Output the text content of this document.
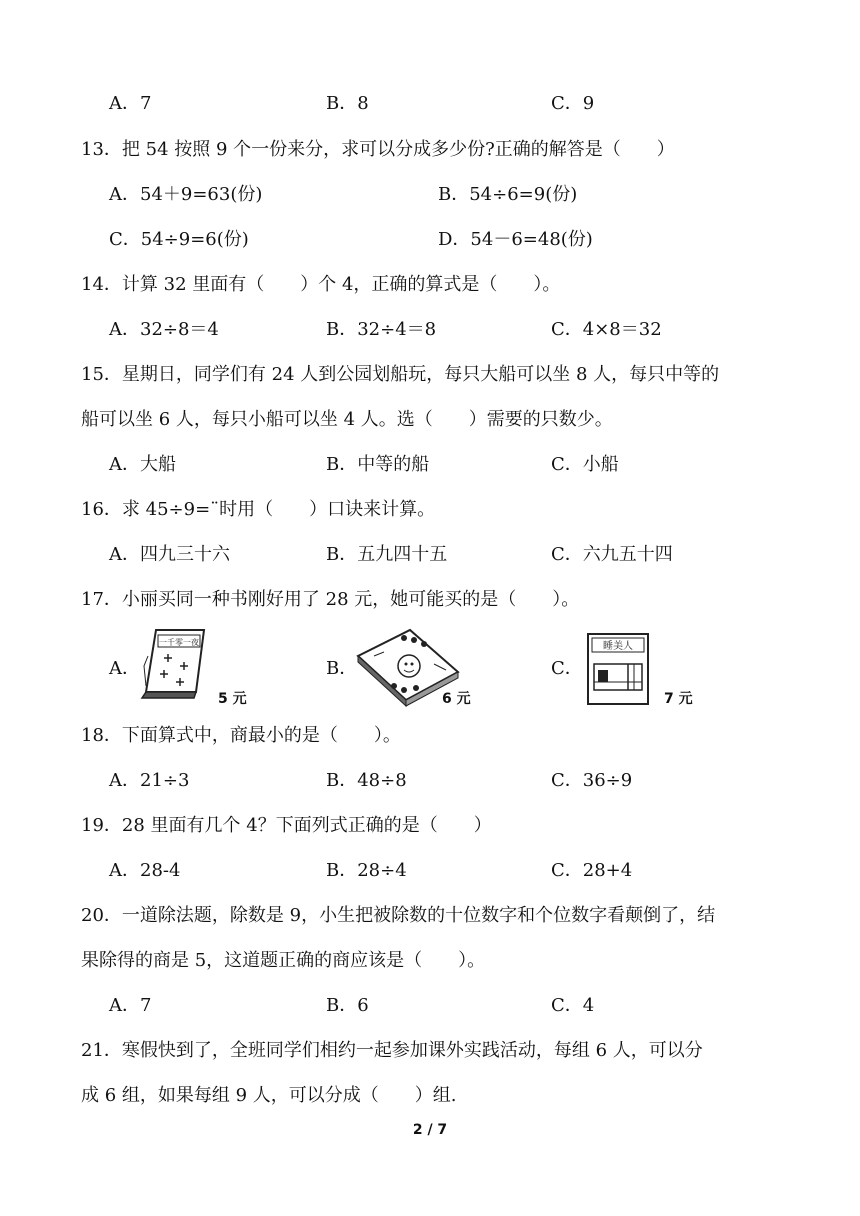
A．7	B．8	C．9
13．把 54 按照 9 个一份来分，求可以分成多少份?正确的解答是（　　）
A．54＋9=63(份)	B．54÷6=9(份)
C．54÷9=6(份)	D．54－6=48(份)
14．计算 32 里面有（　　）个 4，正确的算式是（　　）。
A．32÷8＝4	B．32÷4＝8	C．4×8＝32
15．星期日，同学们有 24 人到公园划船玩，每只大船可以坐 8 人，每只中等的
船可以坐 6 人，每只小船可以坐 4 人。选（　　）需要的只数少。
A．大船	B．中等的船	C．小船
16．求 45÷9=¨时用（　　）口诀来计算。
A．四九三十六	B．五九四十五	C．六九五十四
17．小丽买同一种书刚好用了 28 元，她可能买的是（　　）。
A．	B．	C．
一千零一夜
5 元	6 元
睡美人
7 元
18．下面算式中，商最小的是（　　）。
A．21÷3	B．48÷8	C．36÷9
19．28 里面有几个 4？下面列式正确的是（　　）
A．28-4	B．28÷4	C．28+4
20．一道除法题，除数是 9，小生把被除数的十位数字和个位数字看颠倒了，结
果除得的商是 5，这道题正确的商应该是（　　）。
A．7	B．6	C．4
21．寒假快到了，全班同学们相约一起参加课外实践活动，每组 6 人，可以分
成 6 组，如果每组 9 人，可以分成（　　）组.
2 / 7
